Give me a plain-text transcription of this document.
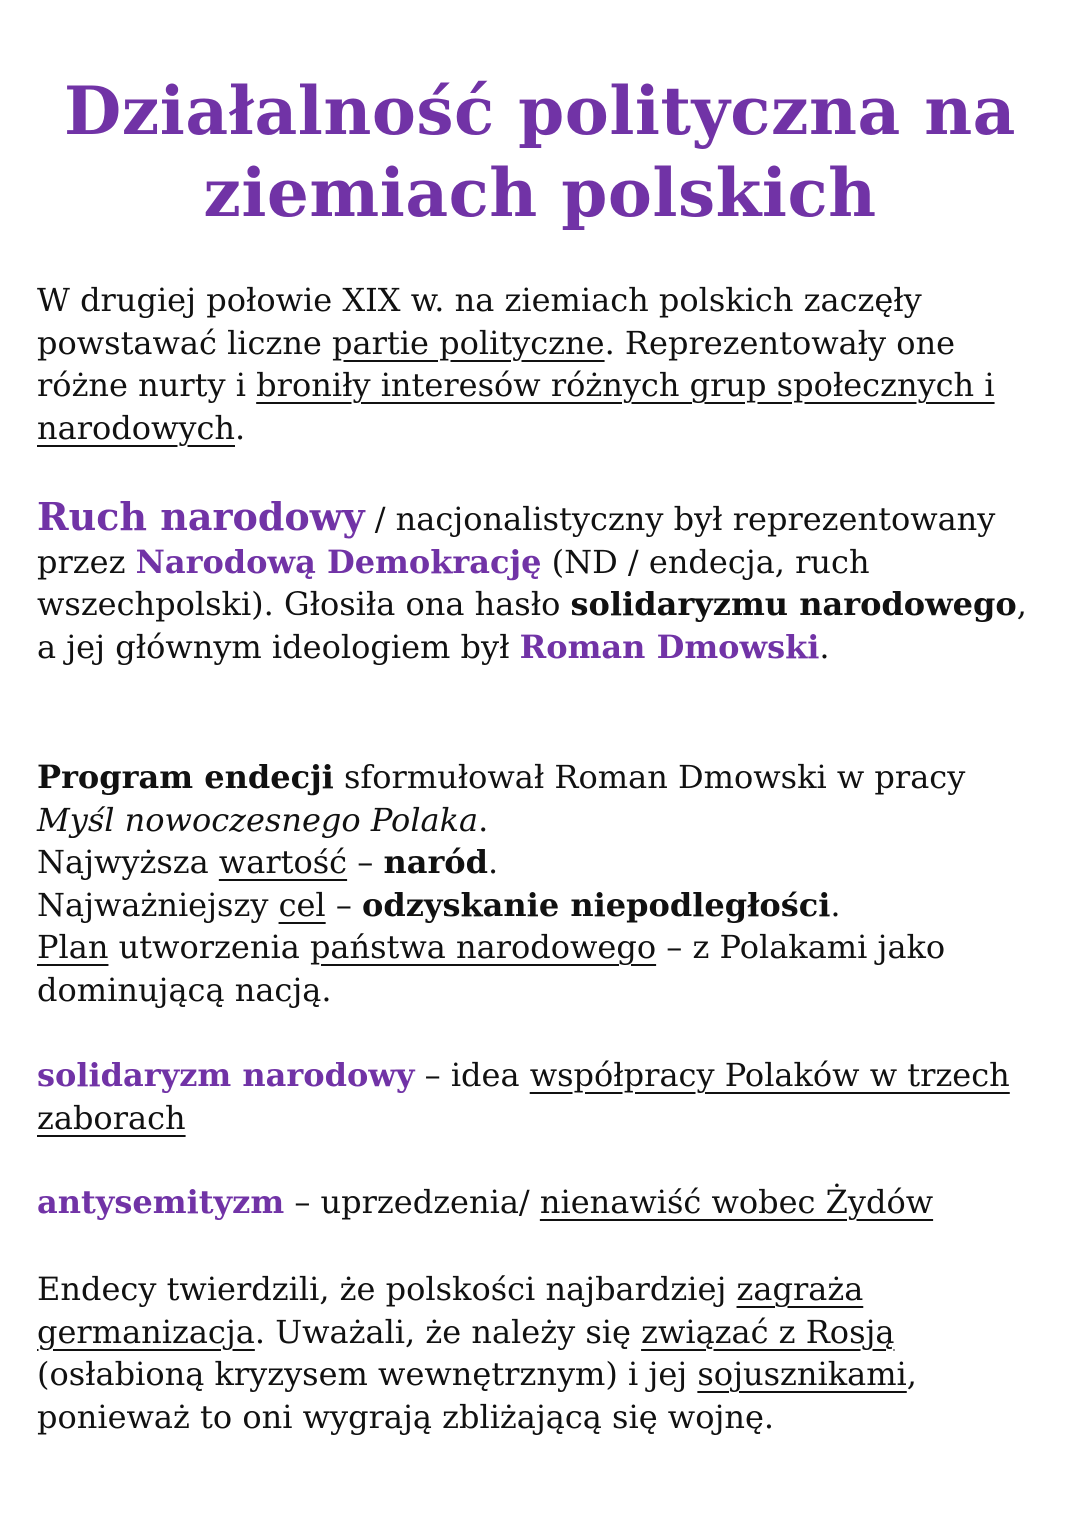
Działalność polityczna na
ziemiach polskich

W drugiej połowie XIX w. na ziemiach polskich zaczęły powstawać liczne partie polityczne. Reprezentowały one różne nurty i broniły interesów różnych grup społecznych i narodowych.

Ruch narodowy / nacjonalistyczny był reprezentowany przez Narodową Demokrację (ND / endecja, ruch wszechpolski). Głosiła ona hasło solidaryzmu narodowego, a jej głównym ideologiem był Roman Dmowski.

Program endecji sformułował Roman Dmowski w pracy Myśl nowoczesnego Polaka.
Najwyższa wartość – naród.
Najważniejszy cel – odzyskanie niepodległości.
Plan utworzenia państwa narodowego – z Polakami jako dominującą nacją.

solidaryzm narodowy – idea współpracy Polaków w trzech zaborach

antysemityzm – uprzedzenia/ nienawiść wobec Żydów

Endecy twierdzili, że polskości najbardziej zagraża germanizacja. Uważali, że należy się związać z Rosją (osłabioną kryzysem wewnętrznym) i jej sojusznikami, ponieważ to oni wygrają zbliżającą się wojnę.
